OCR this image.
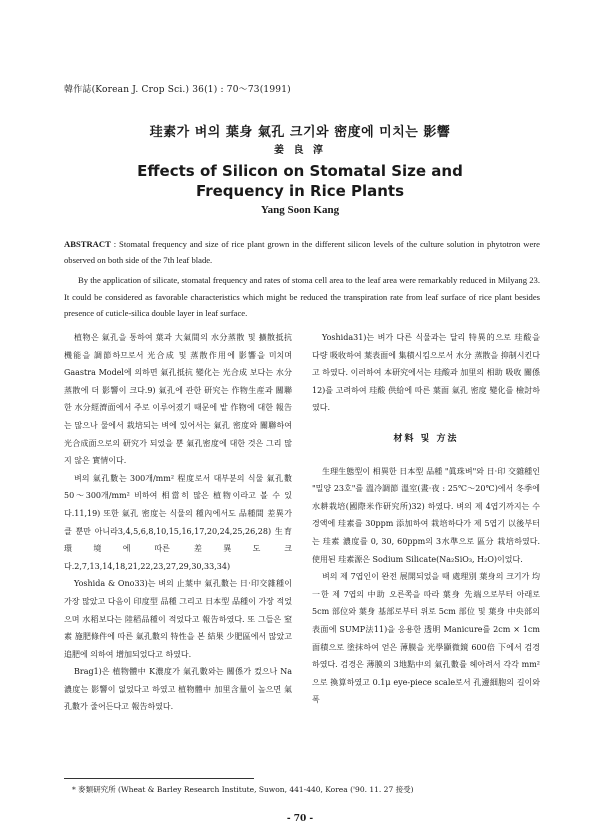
韓作誌(Korean J. Crop Sci.) 36(1) : 70～73(1991)
珪素가 벼의 葉身 氣孔 크기와 密度에 미치는 影響
姜 良 淳
Effects of Silicon on Stomatal Size and
Frequency in Rice Plants
Yang Soon Kang

ABSTRACT : Stomatal frequency and size of rice plant grown in the different silicon levels of the culture solution in phytotron were observed on both side of the 7th leaf blade.

By the application of silicate, stomatal frequency and rates of stoma cell area to the leaf area were remarkably reduced in Milyang 23. It could be considered as favorable characteristics which might be reduced the transpiration rate from leaf surface of rice plant besides presence of cuticle-silica double layer in leaf surface.

植物은 氣孔을 통하여 葉과 大氣間의 水分蒸散 및 擴散抵抗 機能을 調節하므로서 光合成 및 蒸散作用에 影響을 미치며 Gaastra Model에 의하면 氣孔抵抗 變化는 光合成 보다는 水分蒸散에 더 影響이 크다.9) 氣孔에 관한 研究는 作物生産과 關聯한 水分經濟面에서 주로 이루어졌기 때문에 밭 作物에 대한 報告는 많으나 물에서 栽培되는 벼에 있어서는 氣孔 密度와 關聯하여 光合成面으로의 研究가 되었을 뿐 氣孔密度에 대한 것은 그리 많지 않은 實情이다.

벼의 氣孔數는 300개/mm² 程度로서 대부분의 식물 氣孔數 50～300개/mm² 비하여 相當히 많은 植物이라고 볼 수 있다.11,19) 또한 氣孔 密度는 식물의 種內에서도 品種間 差異가 클 뿐만 아니라3,4,5,6,8,10,15,16,17,20,24,25,26,28) 生育環境에 따른 差異도 크다.2,7,13,14,18,21,22,23,27,29,30,33,34)

Yoshida & Ono33)는 벼의 止葉中 氣孔數는 日·印交雜種이 가장 많았고 다음이 印度型 品種 그리고 日本型 品種이 가장 적었으며 水稻보다는 陸稻品種이 적었다고 報告하였다. 또 그들은 窒素 施肥條件에 따른 氣孔數의 特性을 본 結果 少肥區에서 많았고 追肥에 의하여 增加되었다고 하였다.

Brag1)은 植物體中 K濃度가 氣孔數와는 關係가 컸으나 Na濃度는 影響이 없었다고 하였고 植物體中 加里含量이 높으면 氣孔數가 줄어든다고 報告하였다.

Yoshida31)는 벼가 다른 식물과는 달리 特異的으로 珪酸을 다량 吸收하여 葉表面에 集積시킴으로서 水分 蒸散을 抑制시킨다고 하였다. 이러하여 本研究에서는 珪酸과 加里의 相助 吸收 關係12)를 고려하여 珪酸 供給에 따른 葉面 氣孔 密度 變化를 檢討하였다.

材料 및 方法

生理生態型이 相異한 日本型 品種 "眞珠벼"와 日·印 交雜種인 "밀양 23호"를 溫冷調節 溫室(晝·夜 : 25℃～20℃)에서 冬季에 水耕栽培(國際米作研究所)32) 하였다. 벼의 제 4엽기까지는 수경액에 珪素를 30ppm 添加하여 栽培하다가 제 5엽기 以後부터는 珪素 濃度를 0, 30, 60ppm의 3水準으로 區分 栽培하였다. 使用된 珪素源은 Sodium Silicate(Na₂SiO₃, H₂O)이었다.

벼의 제 7엽인이 완전 展開되었을 때 處理別 葉身의 크기가 均一한 제 7엽의 中助 오른쪽을 따라 葉身 先端으로부터 아래로 5cm 部位와 葉身 基部로부터 위로 5cm 部位 및 葉身 中央部의 表面에 SUMP法11)을 응용한 透明 Manicure를 2cm × 1cm 面積으로 塗抹하여 얻은 薄膜을 光學顯微鏡 600倍 下에서 검경하였다. 검경은 薄膜의 3地點中의 氣孔數를 헤아려서 각각 mm²으로 換算하였고 0.1μ eye-piece scale로서 孔邊細胞의 길이와 폭

* 麥類研究所 (Wheat & Barley Research Institute, Suwon, 441-440, Korea ('90. 11. 27 接受)
- 70 -
